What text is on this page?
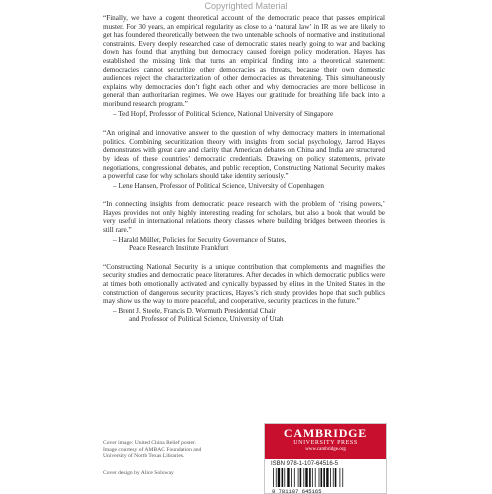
Copyrighted Material

“Finally, we have a cogent theoretical account of the democratic peace that passes empirical muster. For 30 years, an empirical regularity as close to a ‘natural law’ in IR as we are likely to get has foundered theoretically between the two untenable schools of normative and institutional constraints. Every deeply researched case of democratic states nearly going to war and backing down has found that anything but democracy caused foreign policy moderation. Hayes has established the missing link that turns an empirical finding into a theoretical statement: democracies cannot securitize other democracies as threats, because their own domestic audiences reject the characterization of other democracies as threatening. This simultaneously explains why democracies don’t fight each other and why democracies are more bellicose in general than authoritarian regimes. We owe Hayes our gratitude for breathing life back into a moribund research program.”

– Ted Hopf, Professor of Political Science, National University of Singapore

“An original and innovative answer to the question of why democracy matters in international politics. Combining securitization theory with insights from social psychology, Jarrod Hayes demonstrates with great care and clarity that American debates on China and India are structured by ideas of these countries’ democratic credentials. Drawing on policy statements, private negotiations, congressional debates, and public reception, Constructing National Security makes a powerful case for why scholars should take identity seriously.”

– Lene Hansen, Professor of Political Science, University of Copenhagen

“In connecting insights from democratic peace research with the problem of ‘rising powers,’ Hayes provides not only highly interesting reading for scholars, but also a book that would be very useful in international relations theory classes where building bridges between theories is still rare.”

– Harald Müller, Policies for Security Governance of States,
Peace Research Institute Frankfurt

“Constructing National Security is a unique contribution that complements and magnifies the security studies and democratic peace literatures. After decades in which democratic publics were at times both emotionally activated and cynically bypassed by elites in the United States in the construction of dangerous security practices, Hayes’s rich study provides hope that such publics may show us the way to more peaceful, and cooperative, security practices in the future.”

– Brent J. Steele, Francis D. Wormuth Presidential Chair
and Professor of Political Science, University of Utah
Cover image: United China Relief poster. Image courtesy of AMBAC Foundation and University of North Texas Libraries.
Cover design by Alice Soloway
CAMBRIDGE
UNIVERSITY PRESS
www.cambridge.org
ISBN 978-1-107-64516-5
9 781107 645165
